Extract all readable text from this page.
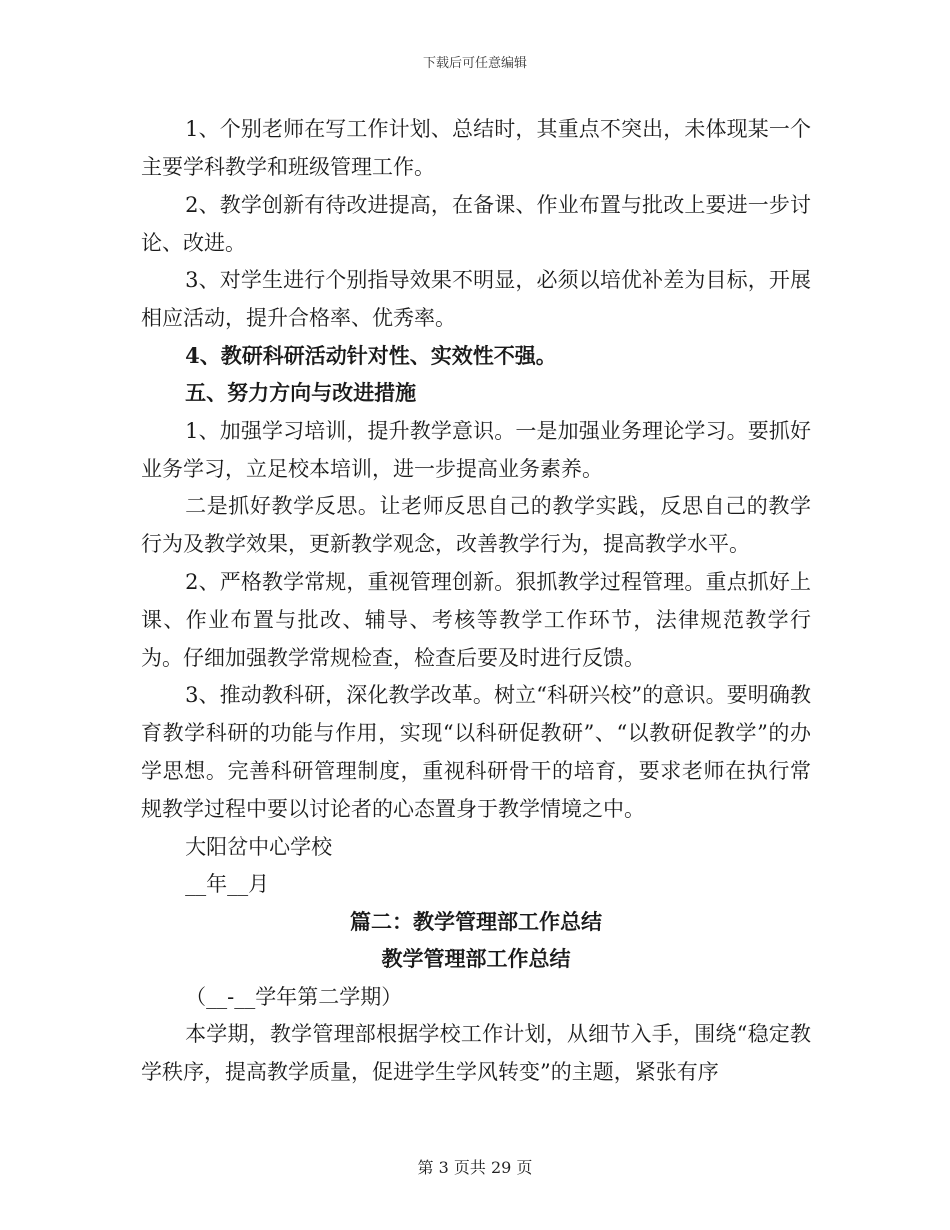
下载后可任意编辑

1、个别老师在写工作计划、总结时，其重点不突出，未体现某一个主要学科教学和班级管理工作。

2、教学创新有待改进提高，在备课、作业布置与批改上要进一步讨论、改进。

3、对学生进行个别指导效果不明显，必须以培优补差为目标，开展相应活动，提升合格率、优秀率。

4、教研科研活动针对性、实效性不强。

五、努力方向与改进措施

1、加强学习培训，提升教学意识。一是加强业务理论学习。要抓好业务学习，立足校本培训，进一步提高业务素养。

二是抓好教学反思。让老师反思自己的教学实践，反思自己的教学行为及教学效果，更新教学观念，改善教学行为，提高教学水平。

2、严格教学常规，重视管理创新。狠抓教学过程管理。重点抓好上课、作业布置与批改、辅导、考核等教学工作环节，法律规范教学行为。仔细加强教学常规检查，检查后要及时进行反馈。

3、推动教科研，深化教学改革。树立“科研兴校”的意识。要明确教育教学科研的功能与作用，实现“以科研促教研”、“以教研促教学”的办学思想。完善科研管理制度，重视科研骨干的培育，要求老师在执行常规教学过程中要以讨论者的心态置身于教学情境之中。

大阳岔中心学校

__年__月

篇二：教学管理部工作总结

教学管理部工作总结

（__-__学年第二学期）

本学期，教学管理部根据学校工作计划，从细节入手，围绕“稳定教学秩序，提高教学质量，促进学生学风转变”的主题，紧张有序

第 3 页共 29 页
